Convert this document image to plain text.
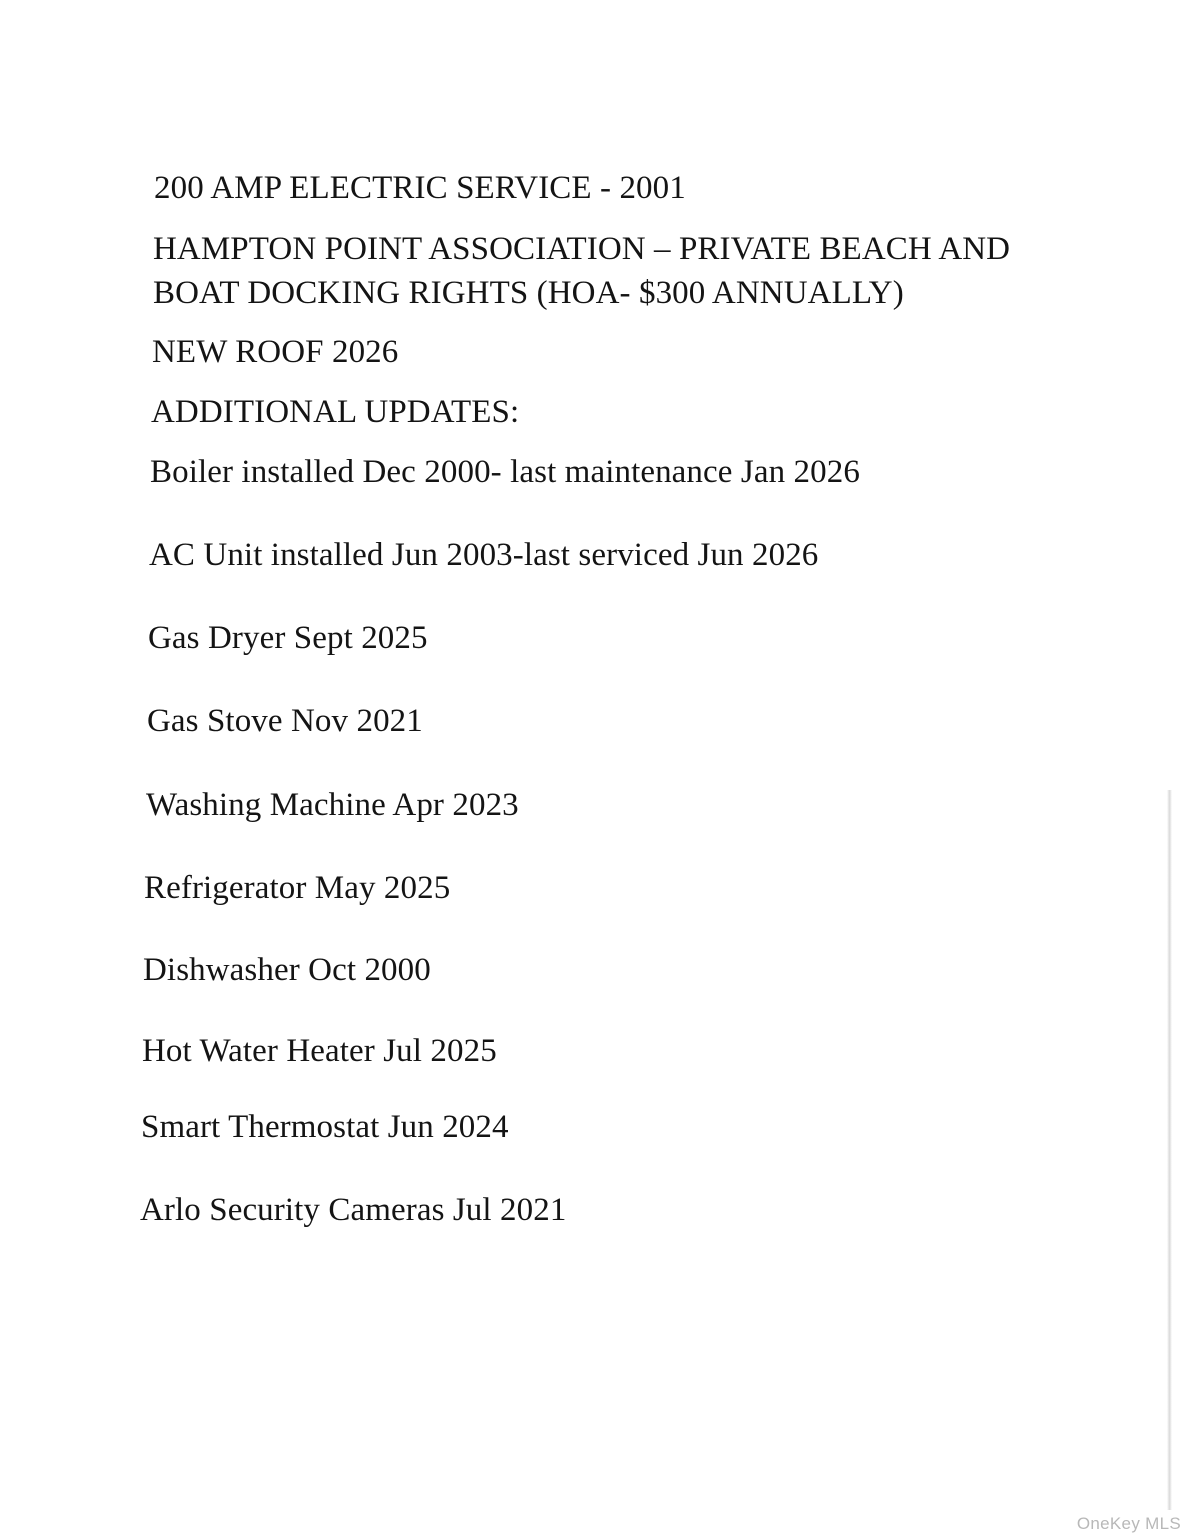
200 AMP ELECTRIC SERVICE - 2001

HAMPTON POINT ASSOCIATION – PRIVATE BEACH AND

BOAT DOCKING RIGHTS (HOA- $300 ANNUALLY)

NEW ROOF 2026

ADDITIONAL UPDATES:

Boiler installed Dec 2000- last maintenance Jan 2026

AC Unit installed Jun 2003-last serviced Jun 2026

Gas Dryer Sept 2025

Gas Stove Nov 2021

Washing Machine Apr 2023

Refrigerator May 2025

Dishwasher Oct 2000

Hot Water Heater Jul 2025

Smart Thermostat Jun 2024

Arlo Security Cameras Jul 2021

OneKey MLS
